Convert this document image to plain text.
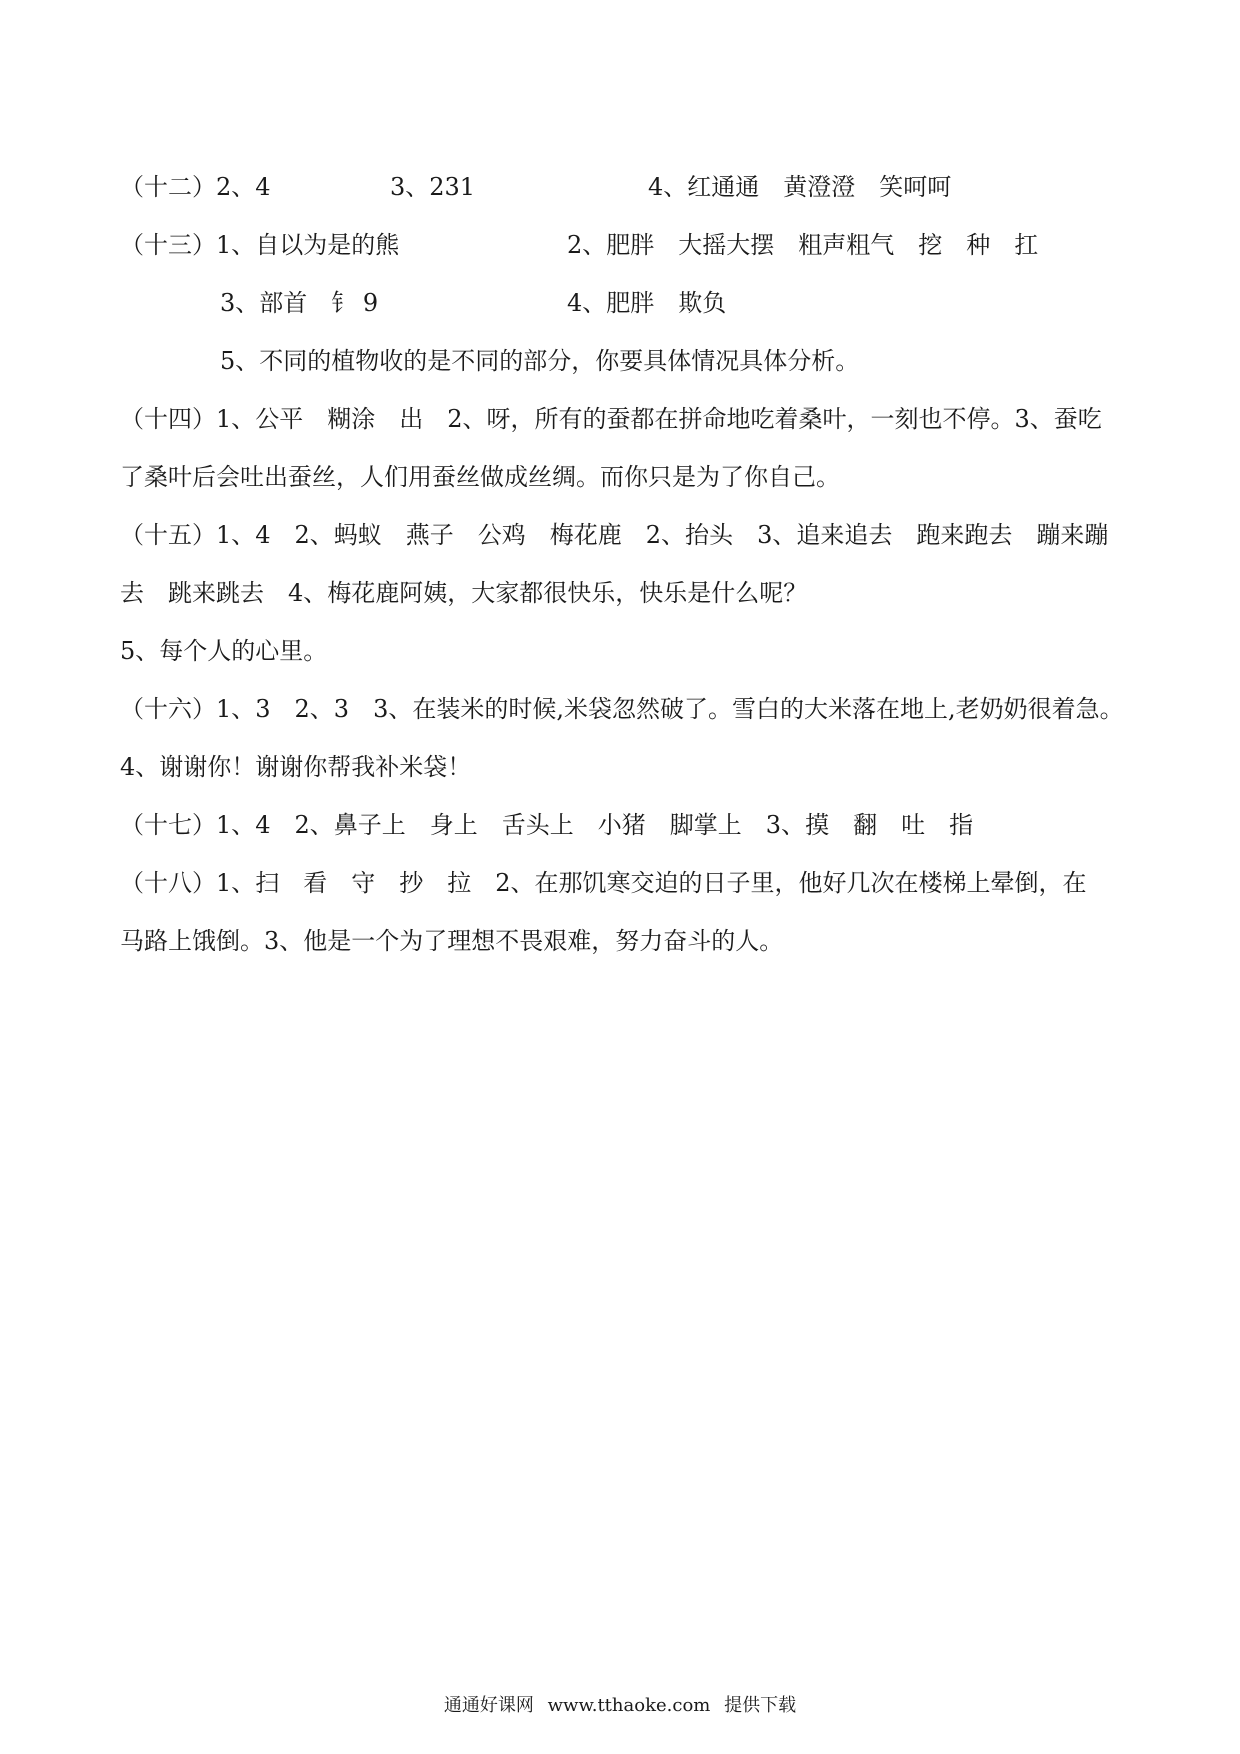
（十二）2、4	3、231	4、红通通　黄澄澄　笑呵呵
（十三）1、自以为是的熊	2、肥胖　大摇大摆　粗声粗气　挖　种　扛
3、部首　钅 9	4、肥胖　欺负
5、不同的植物收的是不同的部分，你要具体情况具体分析。
（十四）1、公平　糊涂　出　2、呀，所有的蚕都在拼命地吃着桑叶，一刻也不停。3、蚕吃
了桑叶后会吐出蚕丝，人们用蚕丝做成丝绸。而你只是为了你自己。
（十五）1、4　2、蚂蚁　燕子　公鸡　梅花鹿　2、抬头　3、追来追去　跑来跑去　蹦来蹦
去　跳来跳去　4、梅花鹿阿姨，大家都很快乐，快乐是什么呢？
5、每个人的心里。
（十六）1、3　2、3　3、在装米的时候,米袋忽然破了。雪白的大米落在地上,老奶奶很着急。
4、谢谢你！谢谢你帮我补米袋！
（十七）1、4　2、鼻子上　身上　舌头上　小猪　脚掌上　3、摸　翻　吐　指
（十八）1、扫　看　守　抄　拉　2、在那饥寒交迫的日子里，他好几次在楼梯上晕倒，在
马路上饿倒。3、他是一个为了理想不畏艰难，努力奋斗的人。
通通好课网 www.tthaoke.com 提供下载
